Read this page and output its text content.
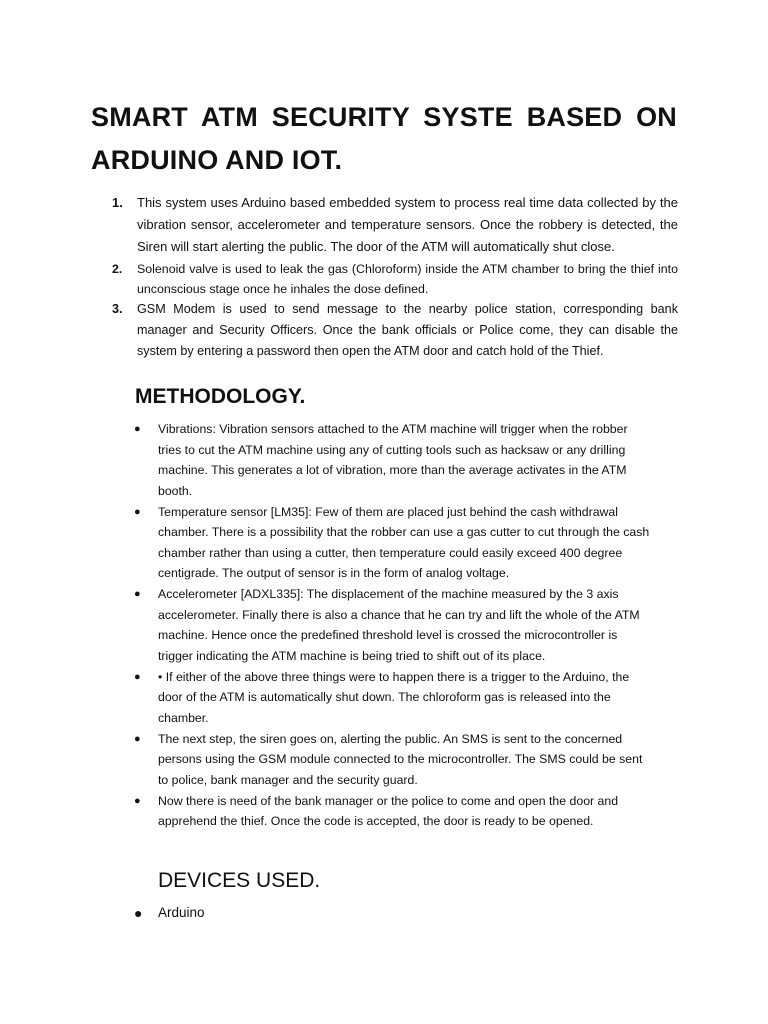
SMART ATM SECURITY SYSTE BASED ON ARDUINO AND IOT.
1. This system uses Arduino based embedded system to process real time data collected by the vibration sensor, accelerometer and temperature sensors. Once the robbery is detected, the Siren will start alerting the public. The door of the ATM will automatically shut close.
2. Solenoid valve is used to leak the gas (Chloroform) inside the ATM chamber to bring the thief into unconscious stage once he inhales the dose defined.
3. GSM Modem is used to send message to the nearby police station, corresponding bank manager and Security Officers. Once the bank officials or Police come, they can disable the system by entering a password then open the ATM door and catch hold of the Thief.
METHODOLOGY.
● Vibrations: Vibration sensors attached to the ATM machine will trigger when the robber tries to cut the ATM machine using any of cutting tools such as hacksaw or any drilling machine. This generates a lot of vibration, more than the average activates in the ATM booth.
● Temperature sensor [LM35]: Few of them are placed just behind the cash withdrawal chamber. There is a possibility that the robber can use a gas cutter to cut through the cash chamber rather than using a cutter, then temperature could easily exceed 400 degree centigrade. The output of sensor is in the form of analog voltage.
● Accelerometer [ADXL335]: The displacement of the machine measured by the 3 axis accelerometer. Finally there is also a chance that he can try and lift the whole of the ATM machine. Hence once the predefined threshold level is crossed the microcontroller is trigger indicating the ATM machine is being tried to shift out of its place.
● • If either of the above three things were to happen there is a trigger to the Arduino, the door of the ATM is automatically shut down. The chloroform gas is released into the chamber.
● The next step, the siren goes on, alerting the public. An SMS is sent to the concerned persons using the GSM module connected to the microcontroller. The SMS could be sent to police, bank manager and the security guard.
● Now there is need of the bank manager or the police to come and open the door and apprehend the thief. Once the code is accepted, the door is ready to be opened.
DEVICES USED.
● Arduino
